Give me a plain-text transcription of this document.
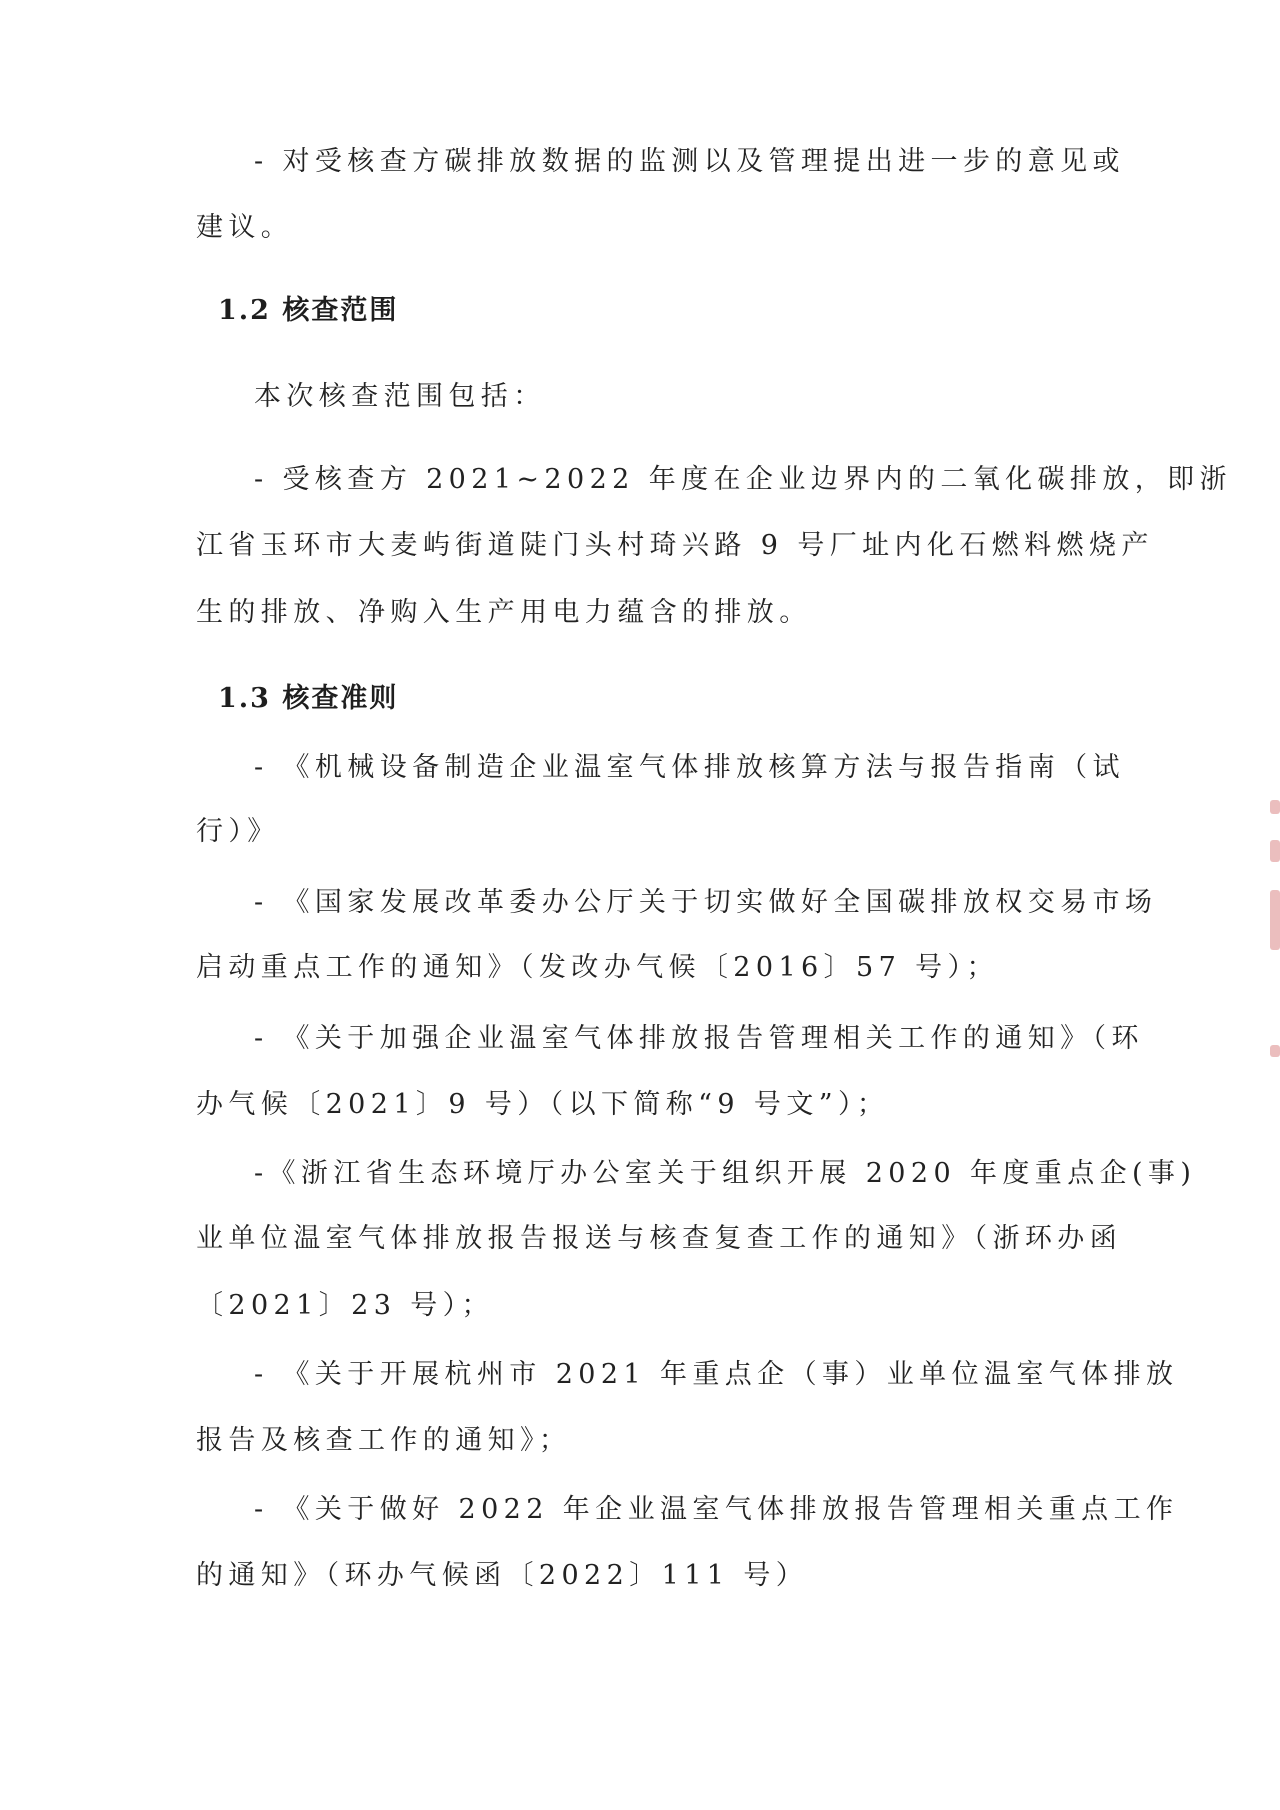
- 对受核查方碳排放数据的监测以及管理提出进一步的意见或
建议。
1.2 核查范围
本次核查范围包括：
- 受核查方 2021~2022 年度在企业边界内的二氧化碳排放，即浙
江省玉环市大麦屿街道陡门头村琦兴路 9 号厂址内化石燃料燃烧产
生的排放、净购入生产用电力蕴含的排放。
1.3 核查准则
- 《机械设备制造企业温室气体排放核算方法与报告指南（试
行）》
- 《国家发展改革委办公厅关于切实做好全国碳排放权交易市场
启动重点工作的通知》（发改办气候〔2016〕57 号）；
- 《关于加强企业温室气体排放报告管理相关工作的通知》（环
办气候〔2021〕9 号）（以下简称“9 号文”）；
-《浙江省生态环境厅办公室关于组织开展 2020 年度重点企(事)
业单位温室气体排放报告报送与核查复查工作的通知》（浙环办函
〔2021〕23 号）；
- 《关于开展杭州市 2021 年重点企（事）业单位温室气体排放
报告及核查工作的通知》；
- 《关于做好 2022 年企业温室气体排放报告管理相关重点工作
的通知》（环办气候函〔2022〕111 号）
